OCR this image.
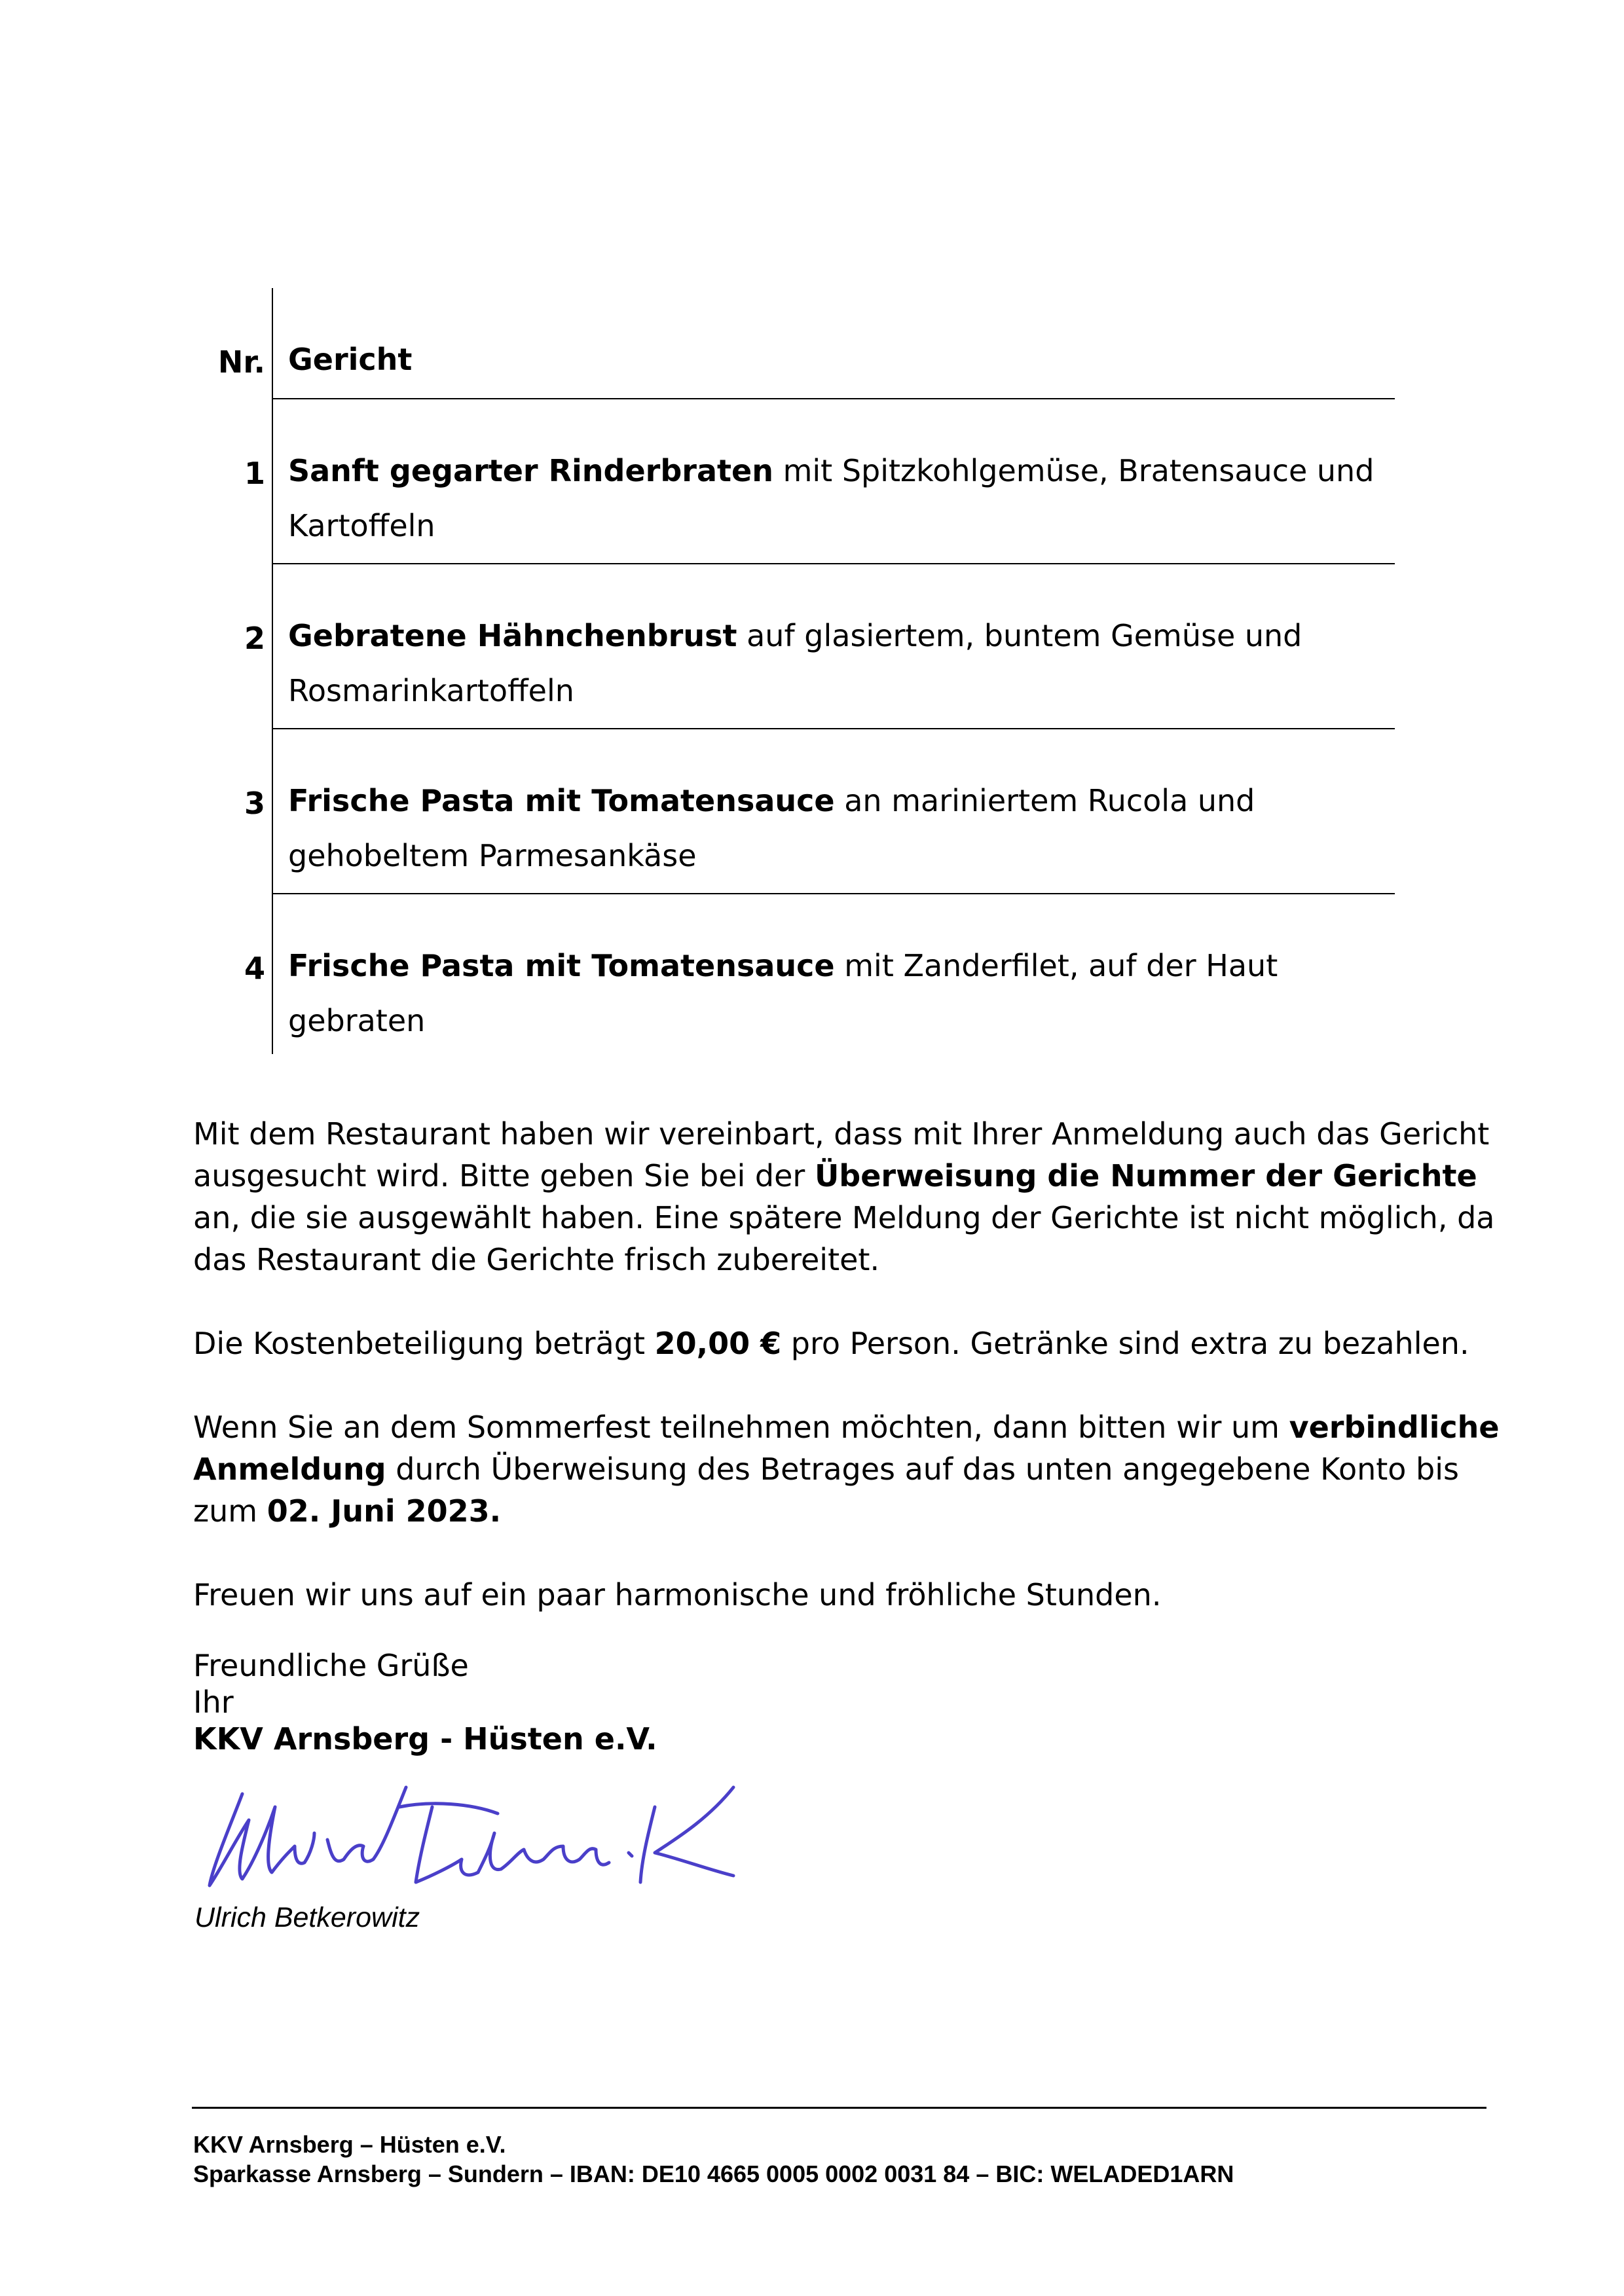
Nr. Gericht
1 Sanft gegarter Rinderbraten mit Spitzkohlgemüse, Bratensauce und Kartoffeln
2 Gebratene Hähnchenbrust auf glasiertem, buntem Gemüse und Rosmarinkartoffeln
3 Frische Pasta mit Tomatensauce an mariniertem Rucola und gehobeltem Parmesankäse
4 Frische Pasta mit Tomatensauce mit Zanderfilet, auf der Haut gebraten
Mit dem Restaurant haben wir vereinbart, dass mit Ihrer Anmeldung auch das Gericht ausgesucht wird. Bitte geben Sie bei der Überweisung die Nummer der Gerichte an, die sie ausgewählt haben. Eine spätere Meldung der Gerichte ist nicht möglich, da das Restaurant die Gerichte frisch zubereitet.
Die Kostenbeteiligung beträgt 20,00 € pro Person. Getränke sind extra zu bezahlen.
Wenn Sie an dem Sommerfest teilnehmen möchten, dann bitten wir um verbindliche Anmeldung durch Überweisung des Betrages auf das unten angegebene Konto bis zum 02. Juni 2023.
Freuen wir uns auf ein paar harmonische und fröhliche Stunden.
Freundliche Grüße
Ihr
KKV Arnsberg - Hüsten e.V.
Ulrich Betkerowitz
KKV Arnsberg – Hüsten e.V.
Sparkasse Arnsberg – Sundern – IBAN: DE10 4665 0005 0002 0031 84 – BIC: WELADED1ARN
